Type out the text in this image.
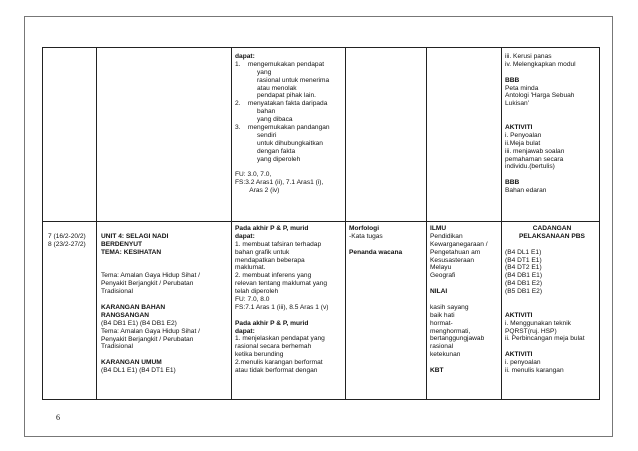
dapat:
1.    mengemukakan pendapat
yang
rasional untuk menerima
atau menolak
pendapat pihak lain.
2.    menyatakan fakta daripada
bahan
yang dibaca
3.    mengemukakan pandangan
sendiri
untuk dihubungkaitkan
dengan fakta
yang diperoleh
FU: 3.0, 7.0,
FS:3.2 Aras1 (ii), 7.1 Aras1 (i),
Aras 2 (iv)
iii. Kerusi panas
iv. Melengkapkan modul
BBB
Peta minda
Antologi 'Harga Sebuah
Lukisan'
AKTIVITI
i. Penyoalan
ii.Meja bulat
iii. menjawab soalan
pemahaman secara
individu.(bertulis)
BBB
Bahan edaran
7 (16/2-20/2)
8 (23/2-27/2)
UNIT 4: SELAGI NADI
BERDENYUT
TEMA: KESIHATAN
Tema: Amalan Gaya Hidup Sihat /
Penyakit Berjangkit / Perubatan
Tradisional
KARANGAN BAHAN
RANGSANGAN
(B4 DB1 E1) (B4 DB1 E2)
Tema: Amalan Gaya Hidup Sihat /
Penyakit Berjangkit / Perubatan
Tradisional
KARANGAN UMUM
(B4 DL1 E1) (B4 DT1 E1)
Pada akhir P & P, murid
dapat:
1. membuat tafsiran terhadap
bahan grafik untuk
mendapatkan beberapa
maklumat.
2. membuat inferens yang
relevan tentang maklumat yang
telah diperoleh
FU: 7.0, 8.0
FS:7.1 Aras 1 (iii), 8.5 Aras 1 (v)
Pada akhir P & P, murid
dapat:
1. menjelaskan pendapat yang
rasional secara berhemah
ketika berunding
2.menulis karangan berformat
atau tidak berformat dengan
Morfologi
-Kata tugas
Penanda wacana
ILMU
Pendidikan
Kewarganegaraan /
Pengetahuan am
Kesusasteraan
Melayu
Geografi
NILAI
kasih sayang
baik hati
hormat-
menghormati,
bertanggungjawab
rasional
ketekunan
KBT
CADANGAN
PELAKSANAAN PBS
(B4 DL1 E1)
(B4 DT1 E1)
(B4 DT2 E1)
(B4 DB1 E1)
(B4 DB1 E2)
(B5 DB1 E2)
AKTIVITI
i. Menggunakan teknik
PQRST(ruj. HSP)
ii. Perbincangan meja bulat
AKTIVITI
i. penyoalan
ii. menulis karangan
6
